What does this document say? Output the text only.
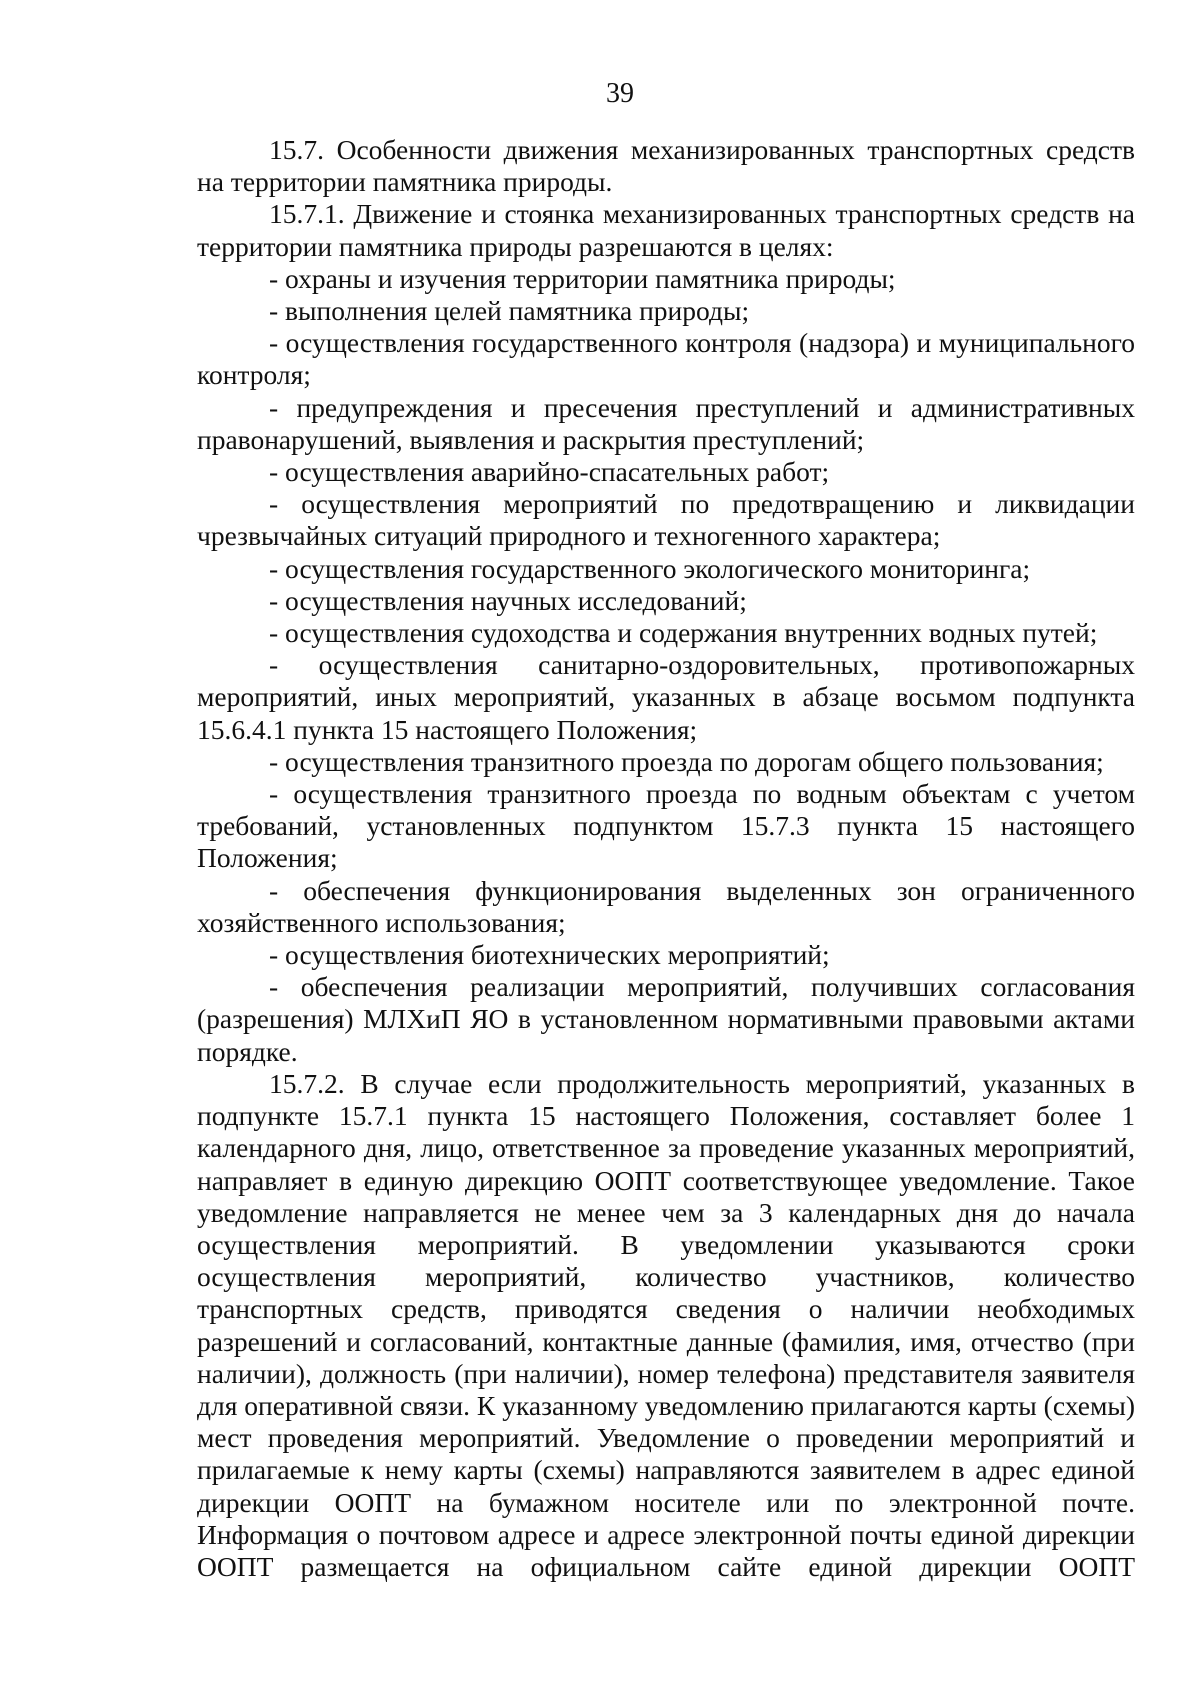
39

15.7. Особенности движения механизированных транспортных средств на территории памятника природы.

15.7.1. Движение и стоянка механизированных транспортных средств на территории памятника природы разрешаются в целях:

- охраны и изучения территории памятника природы;

- выполнения целей памятника природы;

- осуществления государственного контроля (надзора) и муниципального контроля;

- предупреждения и пресечения преступлений и административных правонарушений, выявления и раскрытия преступлений;

- осуществления аварийно-спасательных работ;

- осуществления мероприятий по предотвращению и ликвидации чрезвычайных ситуаций природного и техногенного характера;

- осуществления государственного экологического мониторинга;

- осуществления научных исследований;

- осуществления судоходства и содержания внутренних водных путей;

- осуществления санитарно-оздоровительных, противопожарных мероприятий, иных мероприятий, указанных в абзаце восьмом подпункта 15.6.4.1 пункта 15 настоящего Положения;

- осуществления транзитного проезда по дорогам общего пользования;

- осуществления транзитного проезда по водным объектам с учетом требований, установленных подпунктом 15.7.3 пункта 15 настоящего Положения;

- обеспечения функционирования выделенных зон ограниченного хозяйственного использования;

- осуществления биотехнических мероприятий;

- обеспечения реализации мероприятий, получивших согласования (разрешения) МЛХиП ЯО в установленном нормативными правовыми актами порядке.

15.7.2. В случае если продолжительность мероприятий, указанных в подпункте 15.7.1 пункта 15 настоящего Положения, составляет более 1 календарного дня, лицо, ответственное за проведение указанных мероприятий, направляет в единую дирекцию ООПТ соответствующее уведомление. Такое уведомление направляется не менее чем за 3 календарных дня до начала осуществления мероприятий. В уведомлении указываются сроки осуществления мероприятий, количество участников, количество транспортных средств, приводятся сведения о наличии необходимых разрешений и согласований, контактные данные (фамилия, имя, отчество (при наличии), должность (при наличии), номер телефона) представителя заявителя для оперативной связи. К указанному уведомлению прилагаются карты (схемы) мест проведения мероприятий. Уведомление о проведении мероприятий и прилагаемые к нему карты (схемы) направляются заявителем в адрес единой дирекции ООПТ на бумажном носителе или по электронной почте. Информация о почтовом адресе и адресе электронной почты единой дирекции ООПТ размещается на официальном сайте единой дирекции ООПТ
